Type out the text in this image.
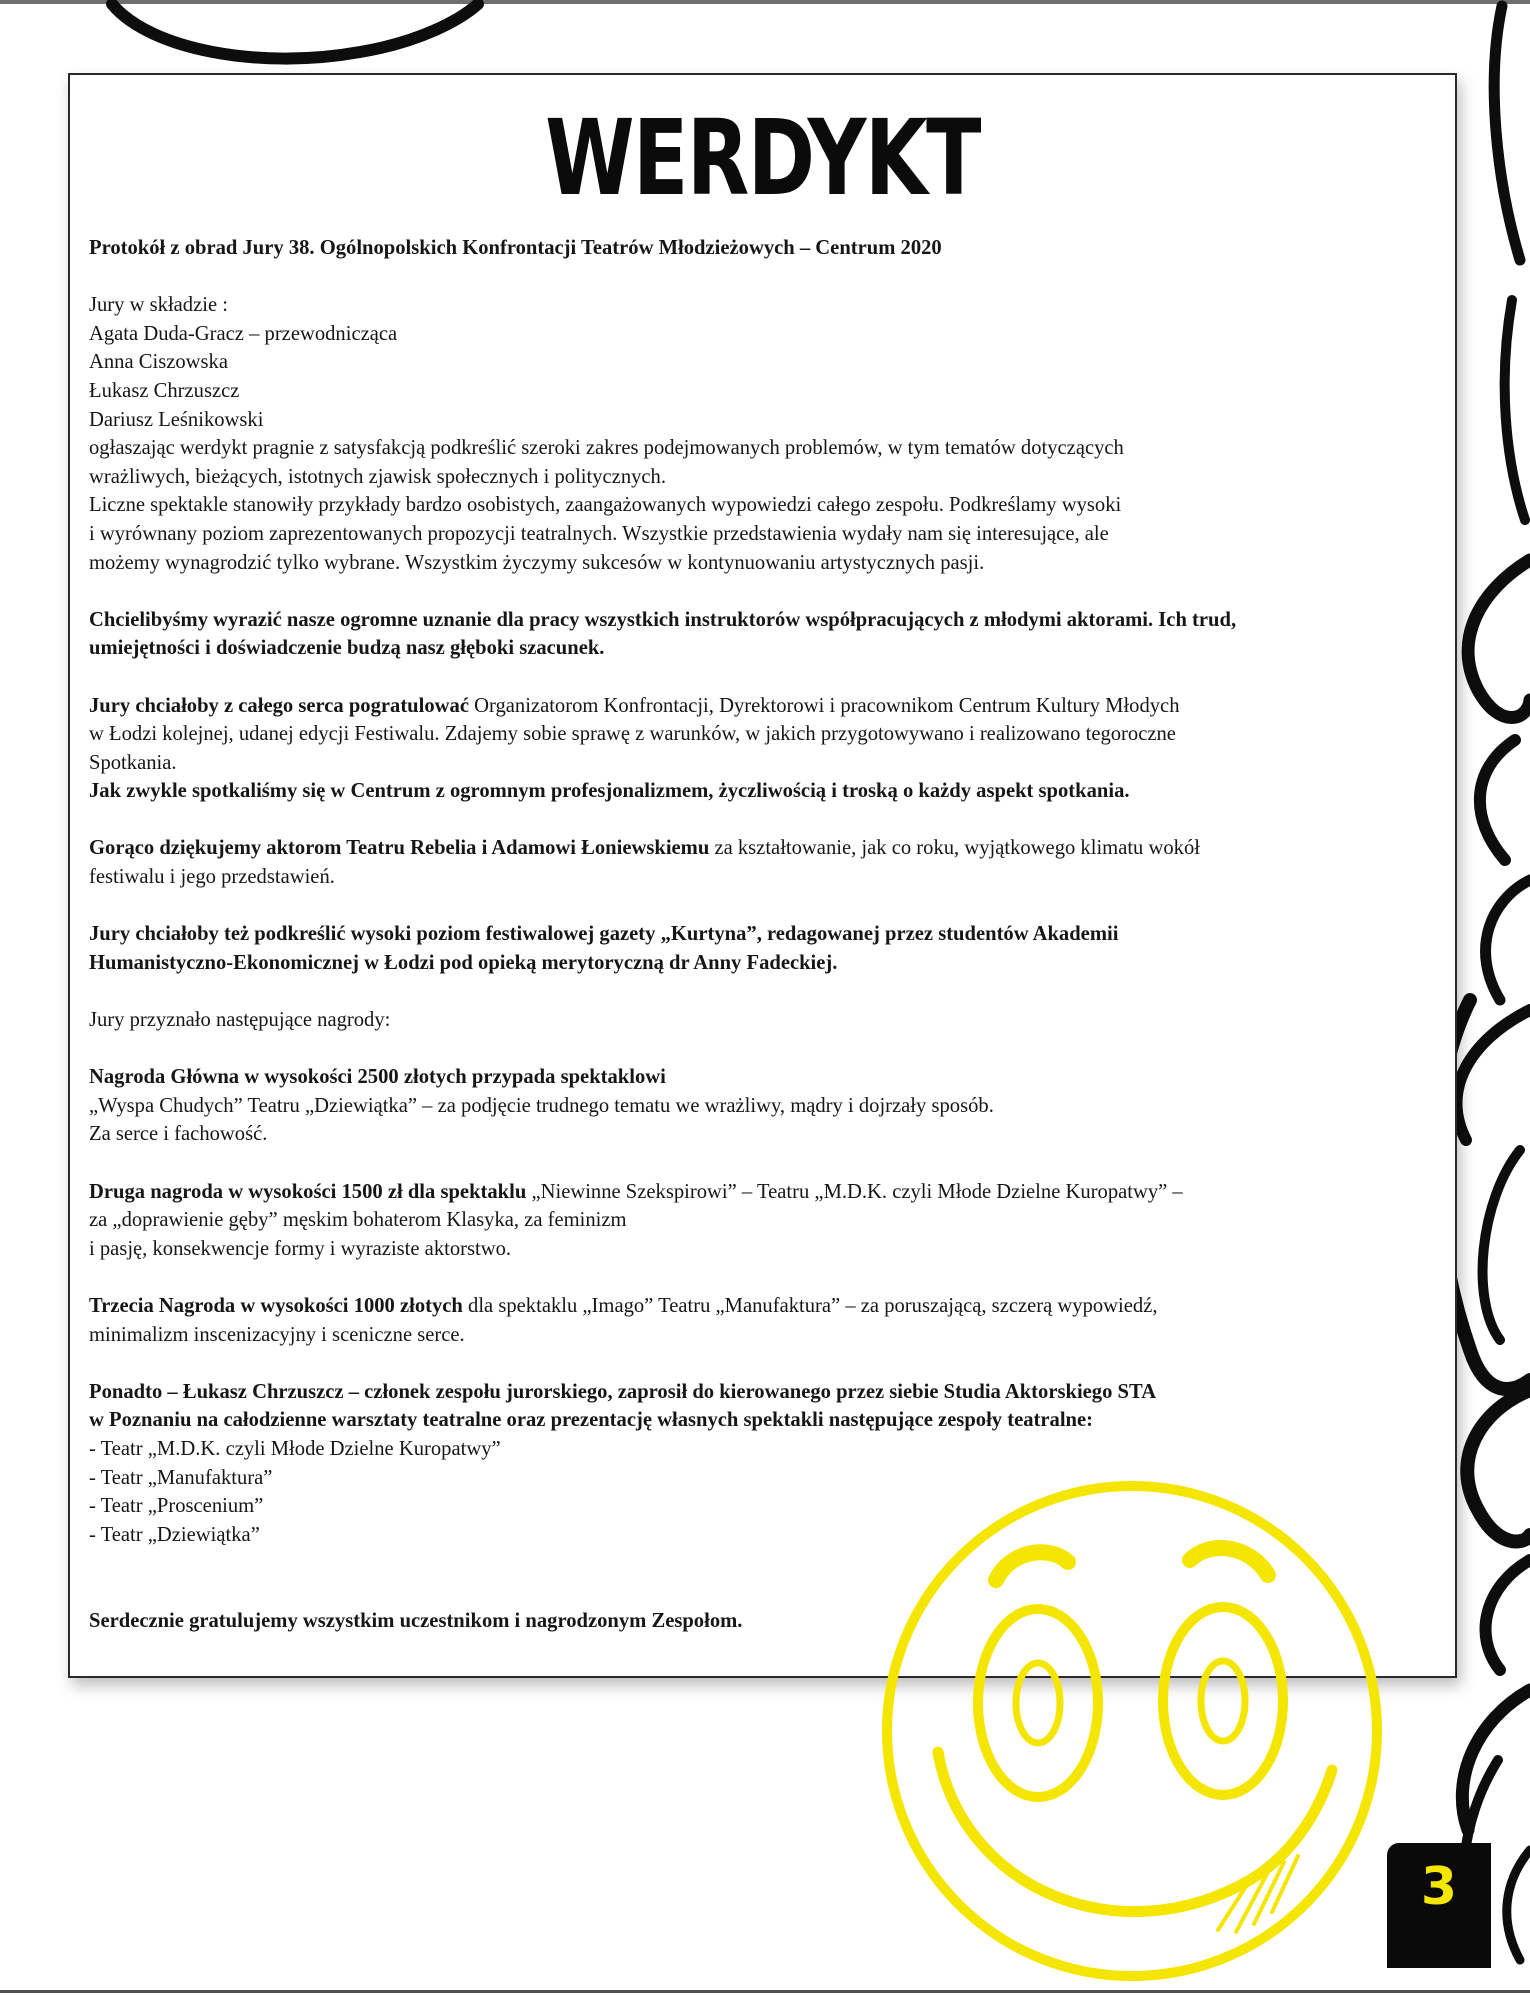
WERDYKT

Protokół z obrad Jury 38. Ogólnopolskich Konfrontacji Teatrów Młodzieżowych – Centrum 2020

Jury w składzie :

Agata Duda-Gracz – przewodnicząca

Anna Ciszowska

Łukasz Chrzuszcz

Dariusz Leśnikowski

ogłaszając werdykt pragnie z satysfakcją podkreślić szeroki zakres podejmowanych problemów, w tym tematów dotyczących

wrażliwych, bieżących, istotnych zjawisk społecznych i politycznych.

Liczne spektakle stanowiły przykłady bardzo osobistych, zaangażowanych wypowiedzi całego zespołu. Podkreślamy wysoki

i wyrównany poziom zaprezentowanych propozycji teatralnych. Wszystkie przedstawienia wydały nam się interesujące, ale

możemy wynagrodzić tylko wybrane. Wszystkim życzymy sukcesów w kontynuowaniu artystycznych pasji.

Chcielibyśmy wyrazić nasze ogromne uznanie dla pracy wszystkich instruktorów współpracujących z młodymi aktorami. Ich trud,

umiejętności i doświadczenie budzą nasz głęboki szacunek.

Jury chciałoby z całego serca pogratulować Organizatorom Konfrontacji, Dyrektorowi i pracownikom Centrum Kultury Młodych

w Łodzi kolejnej, udanej edycji Festiwalu. Zdajemy sobie sprawę z warunków, w jakich przygotowywano i realizowano tegoroczne

Spotkania.

Jak zwykle spotkaliśmy się w Centrum z ogromnym profesjonalizmem, życzliwością i troską o każdy aspekt spotkania.

Gorąco dziękujemy aktorom Teatru Rebelia i Adamowi Łoniewskiemu za kształtowanie, jak co roku, wyjątkowego klimatu wokół

festiwalu i jego przedstawień.

Jury chciałoby też podkreślić wysoki poziom festiwalowej gazety „Kurtyna”, redagowanej przez studentów Akademii

Humanistyczno-Ekonomicznej w Łodzi pod opieką merytoryczną dr Anny Fadeckiej.

Jury przyznało następujące nagrody:

Nagroda Główna w wysokości 2500 złotych przypada spektaklowi

„Wyspa Chudych” Teatru „Dziewiątka” – za podjęcie trudnego tematu we wrażliwy, mądry i dojrzały sposób.

Za serce i fachowość.

Druga nagroda w wysokości 1500 zł dla spektaklu „Niewinne Szekspirowi” – Teatru „M.D.K. czyli Młode Dzielne Kuropatwy” –

za „doprawienie gęby” męskim bohaterom Klasyka, za feminizm

i pasję, konsekwencje formy i wyraziste aktorstwo.

Trzecia Nagroda w wysokości 1000 złotych dla spektaklu „Imago” Teatru „Manufaktura” – za poruszającą, szczerą wypowiedź,

minimalizm inscenizacyjny i sceniczne serce.

Ponadto – Łukasz Chrzuszcz – członek zespołu jurorskiego, zaprosił do kierowanego przez siebie Studia Aktorskiego STA

w Poznaniu na całodzienne warsztaty teatralne oraz prezentację własnych spektakli następujące zespoły teatralne:

- Teatr „M.D.K. czyli Młode Dzielne Kuropatwy”

- Teatr „Manufaktura”

- Teatr „Proscenium”

- Teatr „Dziewiątka”

Serdecznie gratulujemy wszystkim uczestnikom i nagrodzonym Zespołom.

3
